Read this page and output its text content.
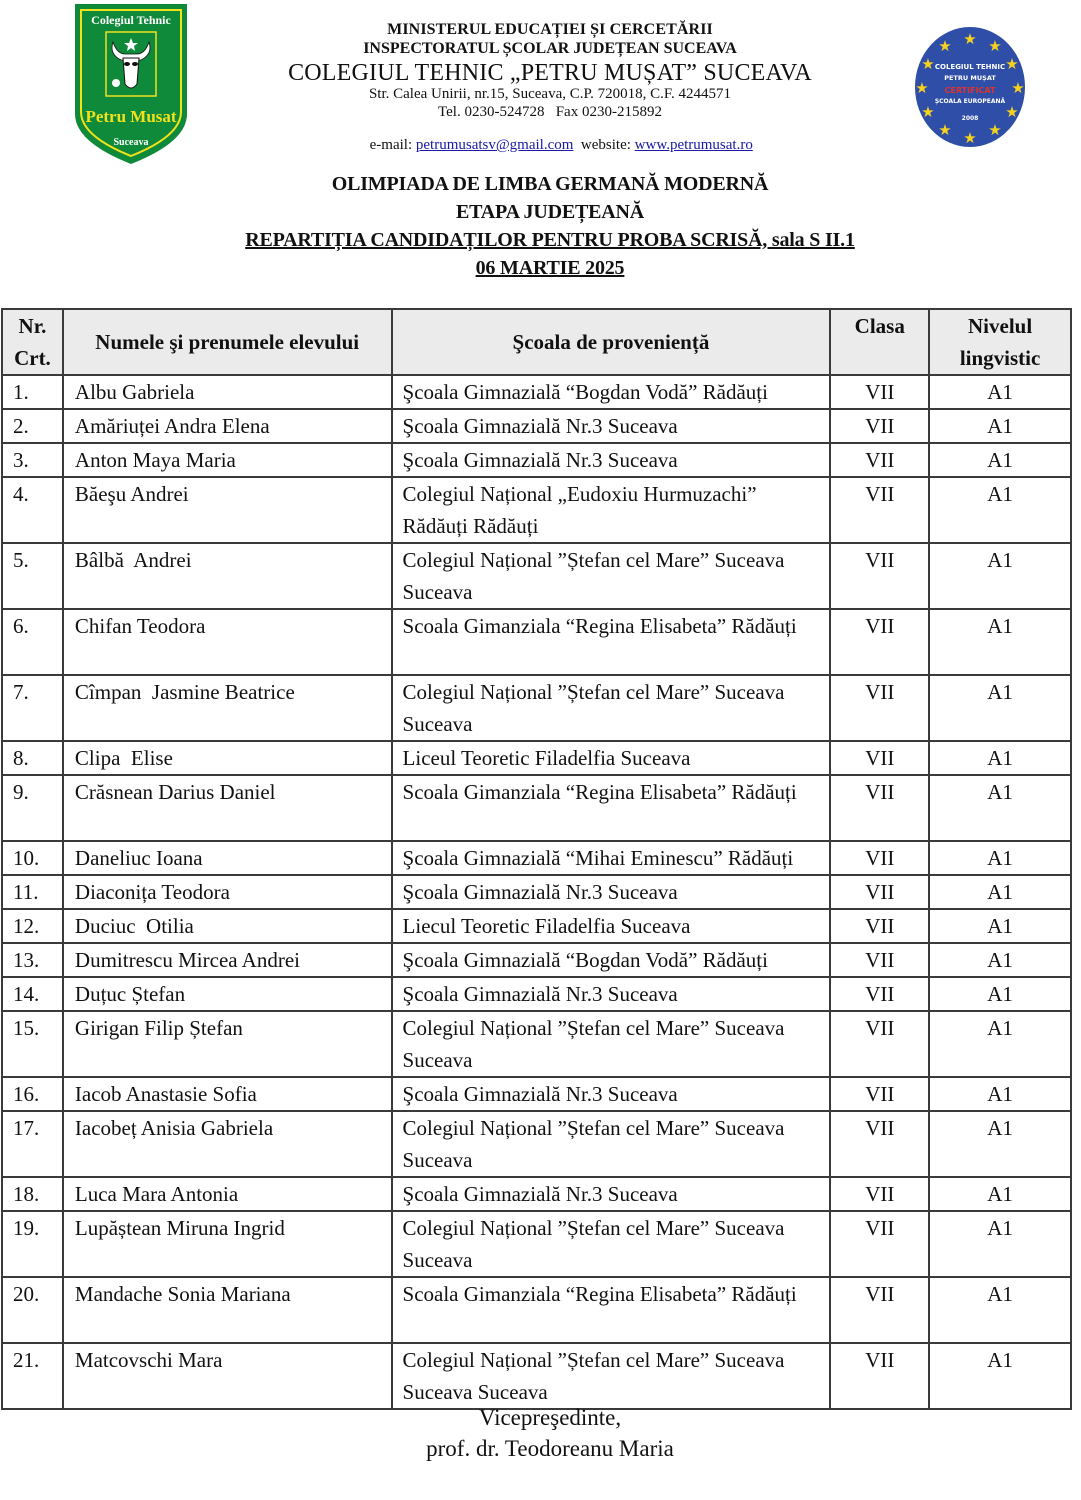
Colegiul Tehnic
Petru Musat
Suceava
MINISTERUL EDUCAȚIEI ȘI CERCETĂRII
INSPECTORATUL ȘCOLAR JUDEȚEAN SUCEAVA
COLEGIUL TEHNIC „PETRU MUȘAT” SUCEAVA
Str. Calea Unirii, nr.15, Suceava, C.P. 720018, C.F. 4244571
Tel. 0230-524728   Fax 0230-215892

e-mail: petrumusatsv@gmail.com  website: www.petrumusat.ro

★ ★
★
★
★
★
★
★
★
★
★
★
COLEGIUL TEHNIC
PETRU MUȘAT
CERTIFICAT
ȘCOALA EUROPEANĂ
2008
OLIMPIADA DE LIMBA GERMANĂ MODERNĂ
ETAPA JUDEȚEANĂ
REPARTIȚIA CANDIDAȚILOR PENTRU PROBA SCRISĂ, sala S II.1
06 MARTIE 2025
Nr.
Crt.
	Numele şi prenumele elevului	Şcoala de proveniență	Clasa	Nivelul
lingvistic

1.	Albu Gabriela	Şcoala Gimnazială “Bogdan Vodă” Rădăuți	VII	A1
2.	Amăriuței Andra Elena	Şcoala Gimnazială Nr.3 Suceava	VII	A1
3.	Anton Maya Maria	Şcoala Gimnazială Nr.3 Suceava	VII	A1
4.	Băeşu Andrei	Colegiul Național „Eudoxiu Hurmuzachi” Rădăuți Rădăuți	VII	A1
5.	Bâlbă  Andrei	Colegiul Național ”Ștefan cel Mare” Suceava Suceava	VII	A1
6.	Chifan Teodora	Scoala Gimanziala “Regina Elisabeta” Rădăuți	VII	A1
7.	Cîmpan  Jasmine Beatrice	Colegiul Național ”Ștefan cel Mare” Suceava Suceava	VII	A1
8.	Clipa  Elise	Liceul Teoretic Filadelfia Suceava	VII	A1
9.	Crăsnean Darius Daniel	Scoala Gimanziala “Regina Elisabeta” Rădăuți	VII	A1
10.	Daneliuc Ioana	Şcoala Gimnazială “Mihai Eminescu” Rădăuți	VII	A1
11.	Diaconița Teodora	Şcoala Gimnazială Nr.3 Suceava	VII	A1
12.	Duciuc  Otilia	Liecul Teoretic Filadelfia Suceava	VII	A1
13.	Dumitrescu Mircea Andrei	Şcoala Gimnazială “Bogdan Vodă” Rădăuți	VII	A1
14.	Duțuc Ștefan	Şcoala Gimnazială Nr.3 Suceava	VII	A1
15.	Girigan Filip Ștefan	Colegiul Național ”Ștefan cel Mare” Suceava Suceava	VII	A1
16.	Iacob Anastasie Sofia	Şcoala Gimnazială Nr.3 Suceava	VII	A1
17.	Iacobeț Anisia Gabriela	Colegiul Național ”Ștefan cel Mare” Suceava Suceava	VII	A1
18.	Luca Mara Antonia	Şcoala Gimnazială Nr.3 Suceava	VII	A1
19.	Lupăștean Miruna Ingrid	Colegiul Național ”Ștefan cel Mare” Suceava Suceava	VII	A1
20.	Mandache Sonia Mariana	Scoala Gimanziala “Regina Elisabeta” Rădăuți	VII	A1
21.	Matcovschi Mara	Colegiul Național ”Ștefan cel Mare” Suceava Suceava Suceava	VII	A1
Vicepreşedinte,
prof. dr. Teodoreanu Maria
